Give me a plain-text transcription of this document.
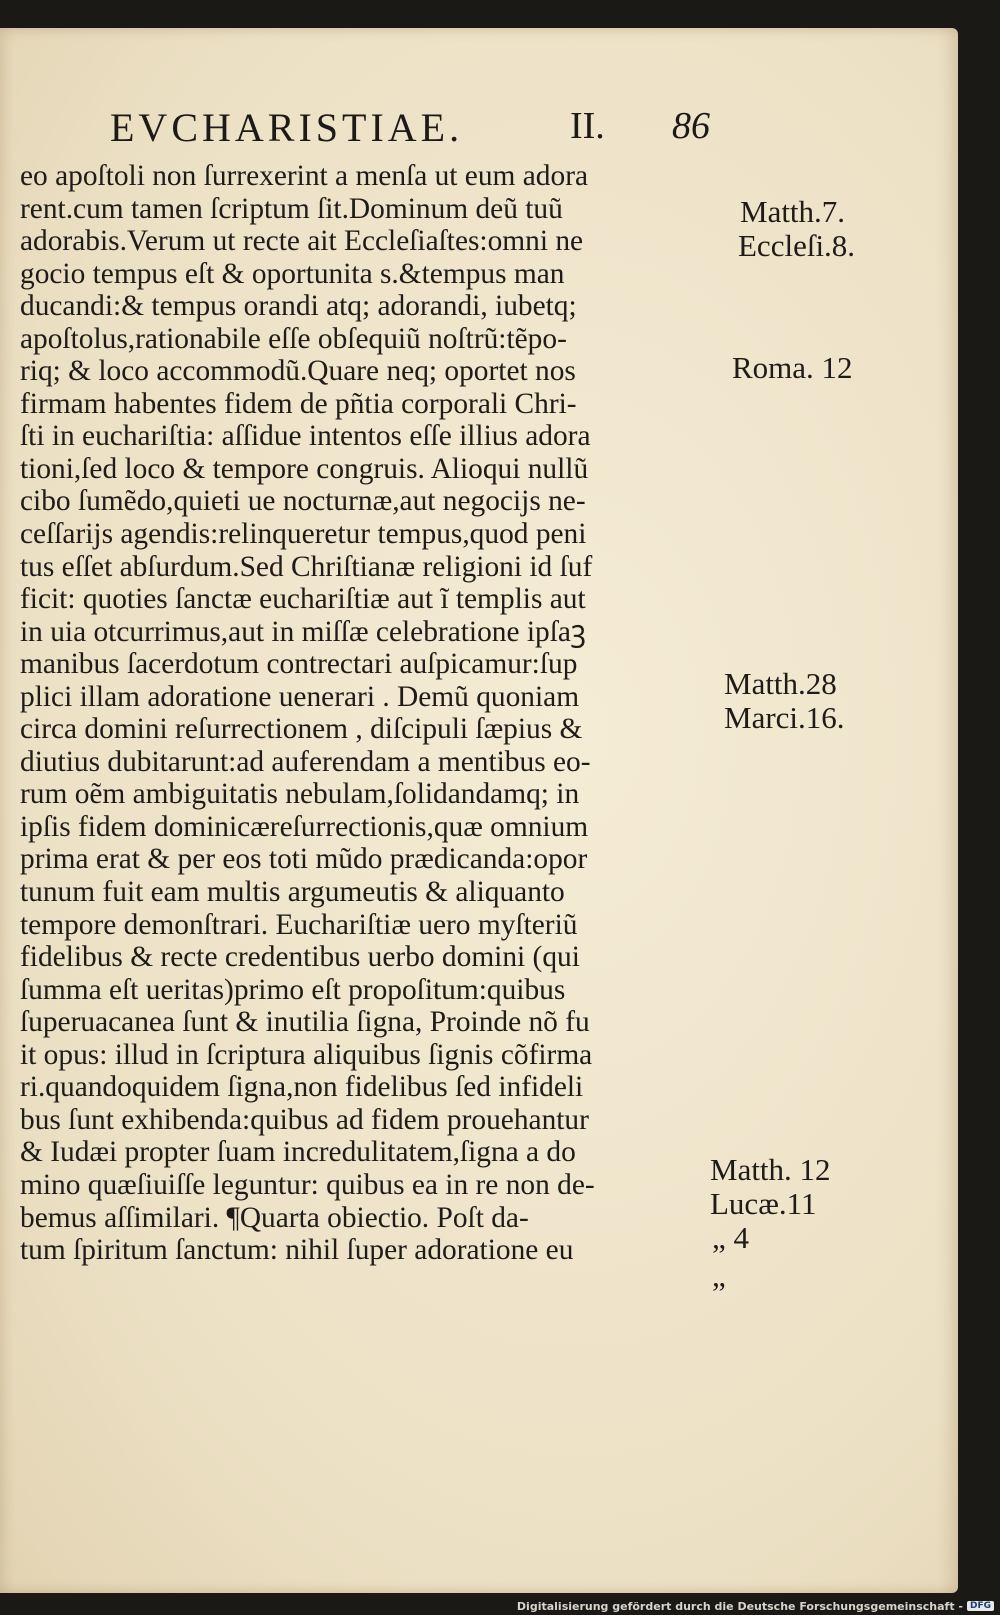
EVCHARISTIAE.	II. 86
eo apoſtoli non ſurrexerint a menſa ut eum adora
rent.cum tamen ſcriptum ſit.Dominum deũ tuũ
adorabis.Verum ut recte ait Eccleſiaſtes:omni ne
gocio tempus eſt & oportunita s.&tempus man
ducandi:& tempus orandi atq; adorandi, iubetq;
apoſtolus,rationabile eſſe obſequiũ noſtrũ:tẽpo-
riq; & loco accommodũ.Quare neq; oportet nos
firmam habentes fidem de pñtia corporali Chri-
ſti in euchariſtia: aſſidue intentos eſſe illius adora
tioni,ſed loco & tempore congruis. Alioqui nullũ
cibo ſumẽdo,quieti ue nocturnæ,aut negocijs ne-
ceſſarijs agendis:relinqueretur tempus,quod peni
tus eſſet abſurdum.Sed Chriſtianæ religioni id ſuf
ficit: quoties ſanctæ euchariſtiæ aut ĩ templis aut
in uia otcurrimus,aut in miſſæ celebratione ipſaꝫ
manibus ſacerdotum contrectari auſpicamur:ſup
plici illam adoratione uenerari . Demũ quoniam
circa domini reſurrectionem , diſcipuli ſæpius &
diutius dubitarunt:ad auferendam a mentibus eo-
rum oẽm ambiguitatis nebulam,ſolidandamq; in
ipſis fidem dominicæreſurrectionis,quæ omnium
prima erat & per eos toti mũdo prædicanda:opor
tunum fuit eam multis argumeutis & aliquanto
tempore demonſtrari. Euchariſtiæ uero myſteriũ
fidelibus & recte credentibus uerbo domini (qui
ſumma eſt ueritas)primo eſt propoſitum:quibus
ſuperuacanea ſunt & inutilia ſigna, Proinde nõ fu
it opus: illud in ſcriptura aliquibus ſignis cõfirma
ri.quandoquidem ſigna,non fidelibus ſed infideli
bus ſunt exhibenda:quibus ad fidem prouehantur
& Iudæi propter ſuam incredulitatem,ſigna a do
mino quæſiuiſſe leguntur: quibus ea in re non de-
bemus aſſimilari. ¶Quarta obiectio. Poſt da-
tum ſpiritum ſanctum: nihil ſuper adoratione eu
Matth.7.
Eccleſi.8.
Roma. 12
Matth.28
Marci.16.
Matth. 12
Lucæ.11
„ 4
„
Digitalisierung gefördert durch die Deutsche Forschungsgemeinschaft - DFG
